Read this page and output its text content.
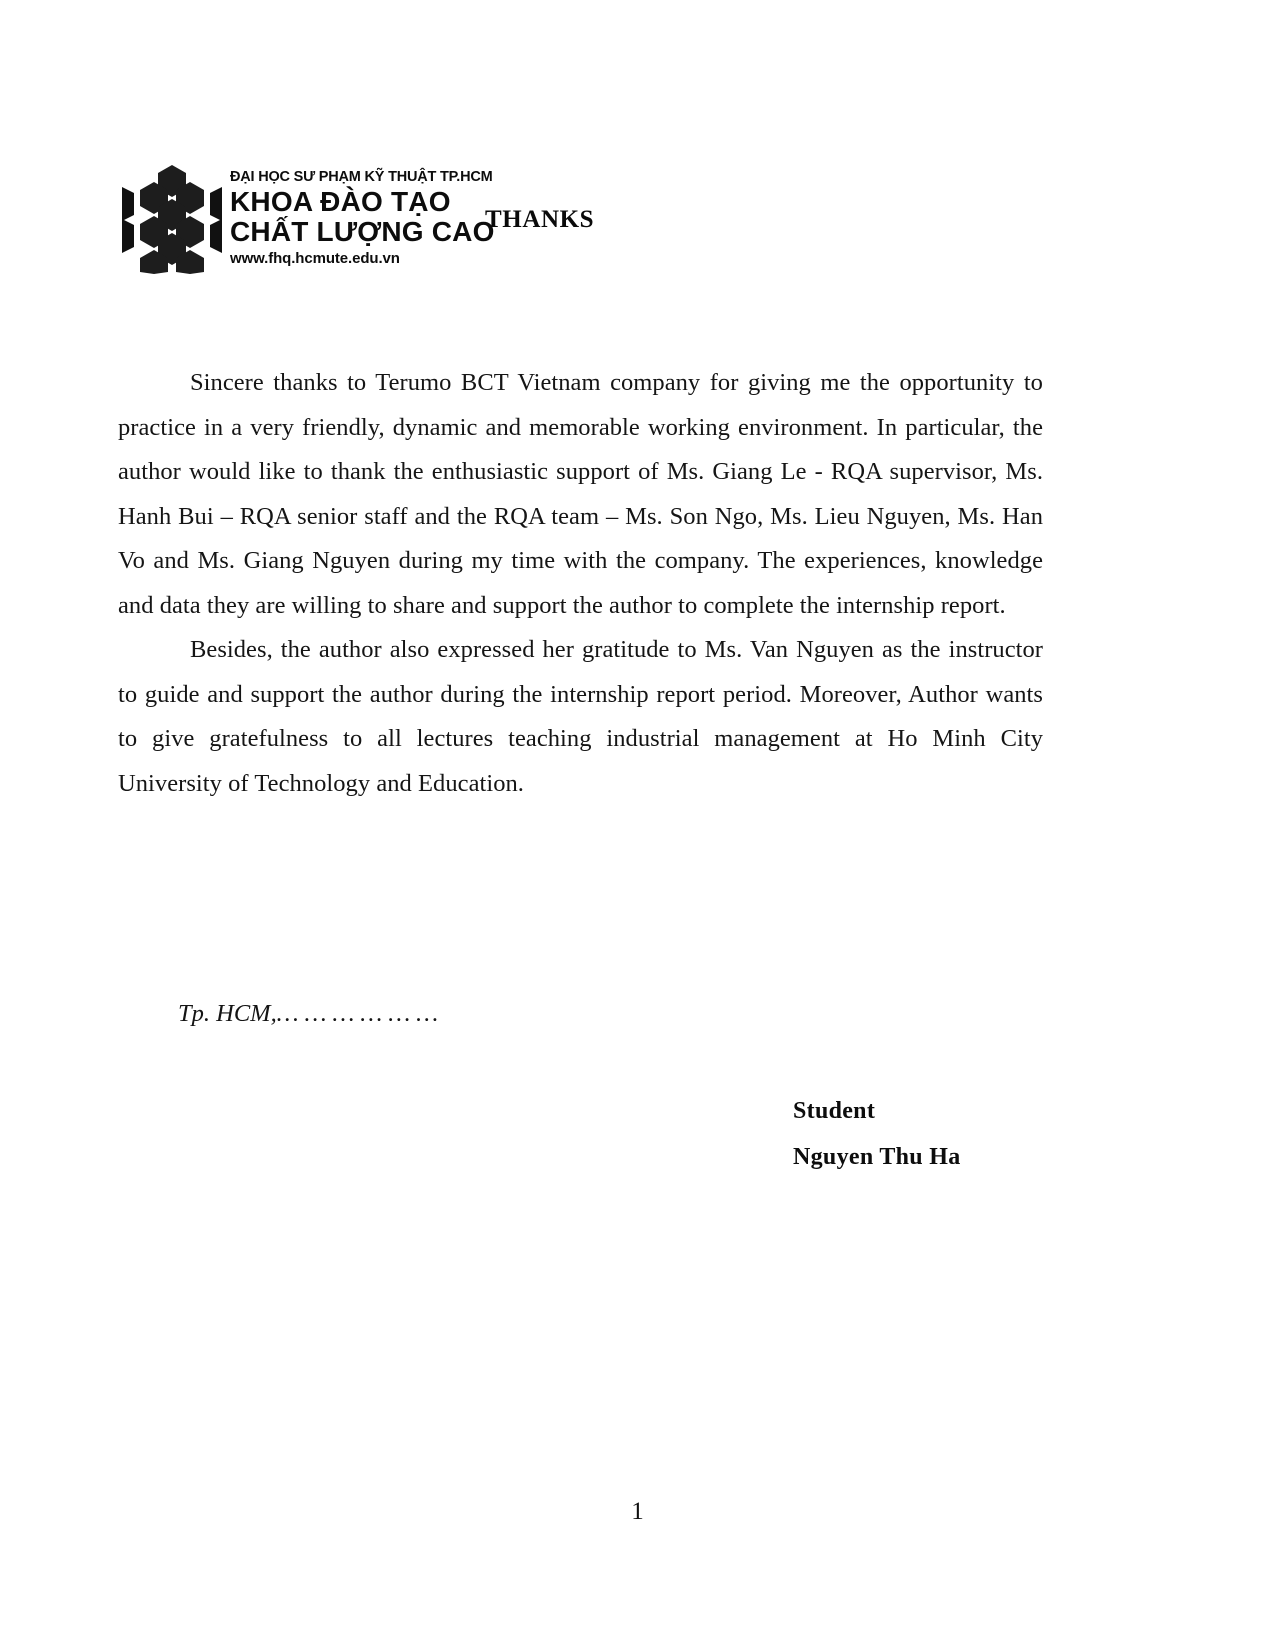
ĐẠI HỌC SƯ PHẠM KỸ THUẬT TP.HCM
KHOA ĐÀO TẠO
CHẤT LƯỢNG CAO
www.fhq.hcmute.edu.vn
THANKS

Sincere thanks to Terumo BCT Vietnam company for giving me the opportunity to practice in a very friendly, dynamic and memorable working environment. In particular, the author would like to thank the enthusiastic support of Ms. Giang Le - RQA supervisor, Ms. Hanh Bui – RQA senior staff and the RQA team – Ms. Son Ngo, Ms. Lieu Nguyen, Ms. Han Vo and Ms. Giang Nguyen during my time with the company. The experiences, knowledge and data they are willing to share and support the author to complete the internship report.

Besides, the author also expressed her gratitude to Ms. Van Nguyen as the instructor to guide and support the author during the internship report period. Moreover, Author wants to give gratefulness to all lectures teaching industrial management at Ho Minh City University of Technology and Education.

Tp. HCM,… … … … … …
Student
Nguyen Thu Ha
1
